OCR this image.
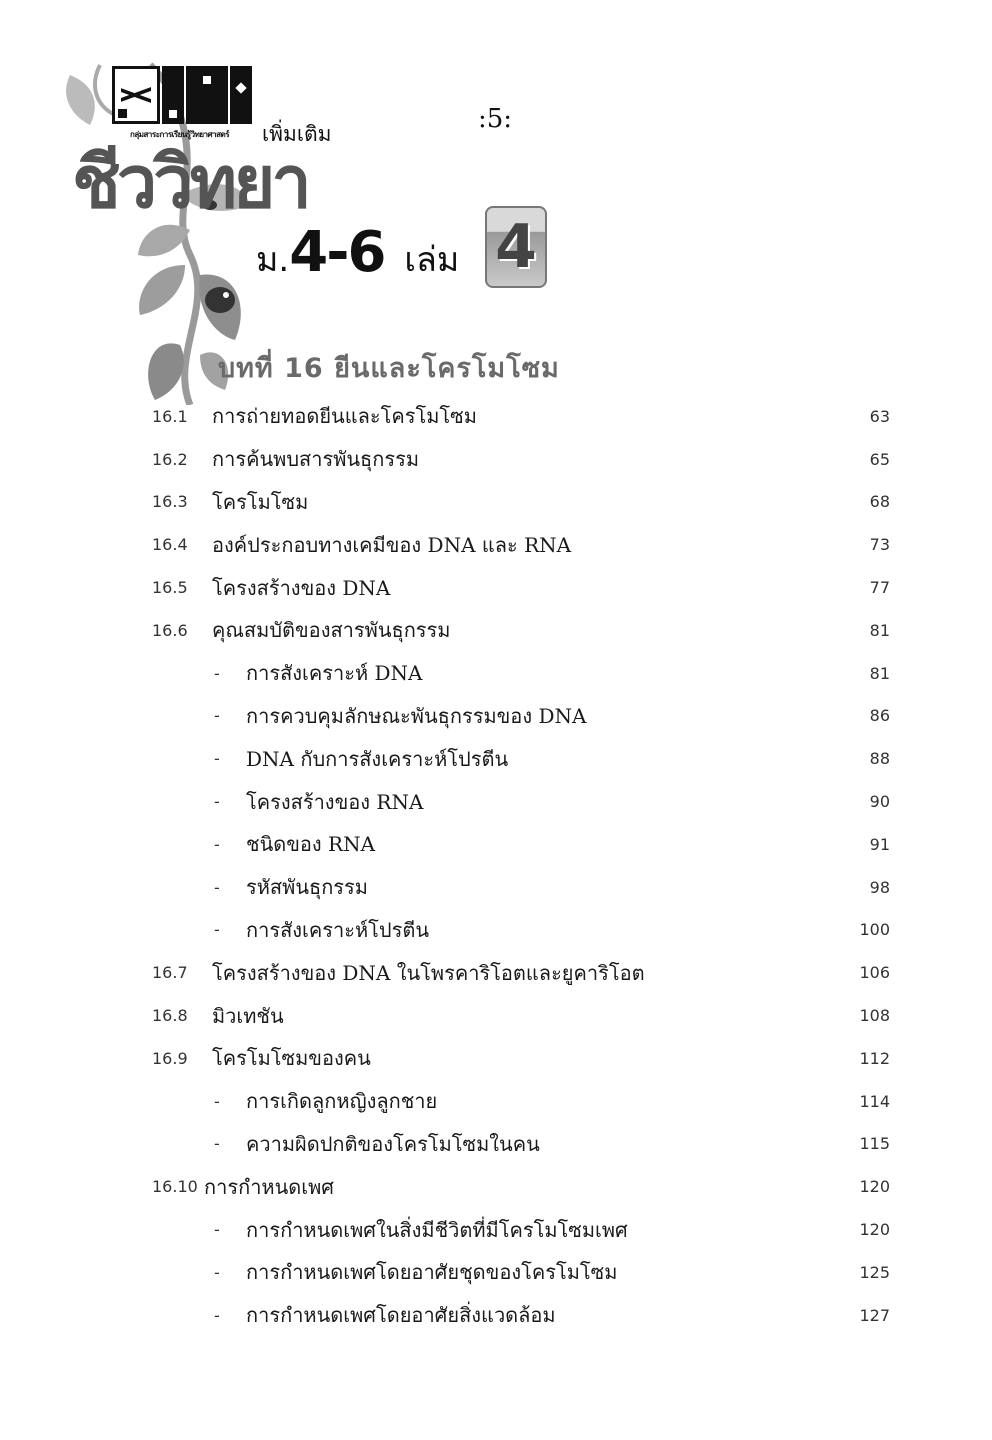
กลุ่มสาระการเรียนรู้วิทยาศาสตร์ เพิ่มเติม	:5:
ชีววิทยา
ม. 4-6 เล่ม 4
บทที่ 16 ยีนและโครโมโซม
16.1	การถ่ายทอดยีนและโครโมโซม	63
16.2	การค้นพบสารพันธุกรรม	65
16.3	โครโมโซม	68
16.4	องค์ประกอบทางเคมีของ DNA และ RNA	73
16.5	โครงสร้างของ DNA	77
16.6	คุณสมบัติของสารพันธุกรรม	81
-	การสังเคราะห์ DNA	81
-	การควบคุมลักษณะพันธุกรรมของ DNA	86
-	DNA กับการสังเคราะห์โปรตีน	88
-	โครงสร้างของ RNA	90
-	ชนิดของ RNA	91
-	รหัสพันธุกรรม	98
-	การสังเคราะห์โปรตีน	100
16.7	โครงสร้างของ DNA ในโพรคาริโอตและยูคาริโอต	106
16.8	มิวเทชัน	108
16.9	โครโมโซมของคน	112
-	การเกิดลูกหญิงลูกชาย	114
-	ความผิดปกติของโครโมโซมในคน	115
16.10 การกำหนดเพศ	120
-	การกำหนดเพศในสิ่งมีชีวิตที่มีโครโมโซมเพศ	120
-	การกำหนดเพศโดยอาศัยชุดของโครโมโซม	125
-	การกำหนดเพศโดยอาศัยสิ่งแวดล้อม	127
